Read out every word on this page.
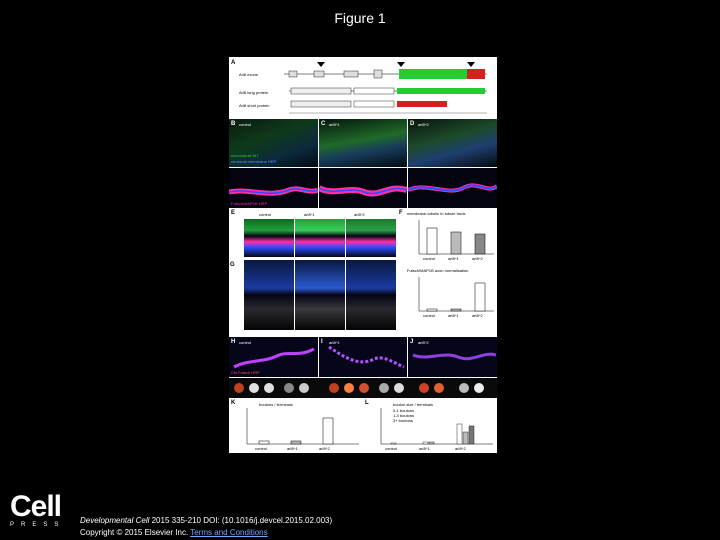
Figure 1
A
Arl8 exons
Arl8 long protein
Arl8 short protein
B control
microtubule MT
neuronal membrane HRP
C arl8^1	D arl8^2
Futsch/MAP1B HRP
E	control	arl8^1	arl8^2	F membrane-tubulin in tubule trunk
control	arl8^1	arl8^2
G
Futsch/MAP1B axon normalisation
control	arl8^1	arl8^2
H control
Cfc Futsch HRP
I arl8^1	J arl8^2
K	boutons / terminals
control	arl8^1	arl8^2
L	bouton size / terminals
0-1 boutons
1-3 boutons
3+ boutons
control	arl8^1	arl8^2
Cell
PRESS Developmental Cell 2015 335-210 DOI: (10.1016/j.devcel.2015.02.003)
Copyright © 2015 Elsevier Inc. Terms and Conditions
